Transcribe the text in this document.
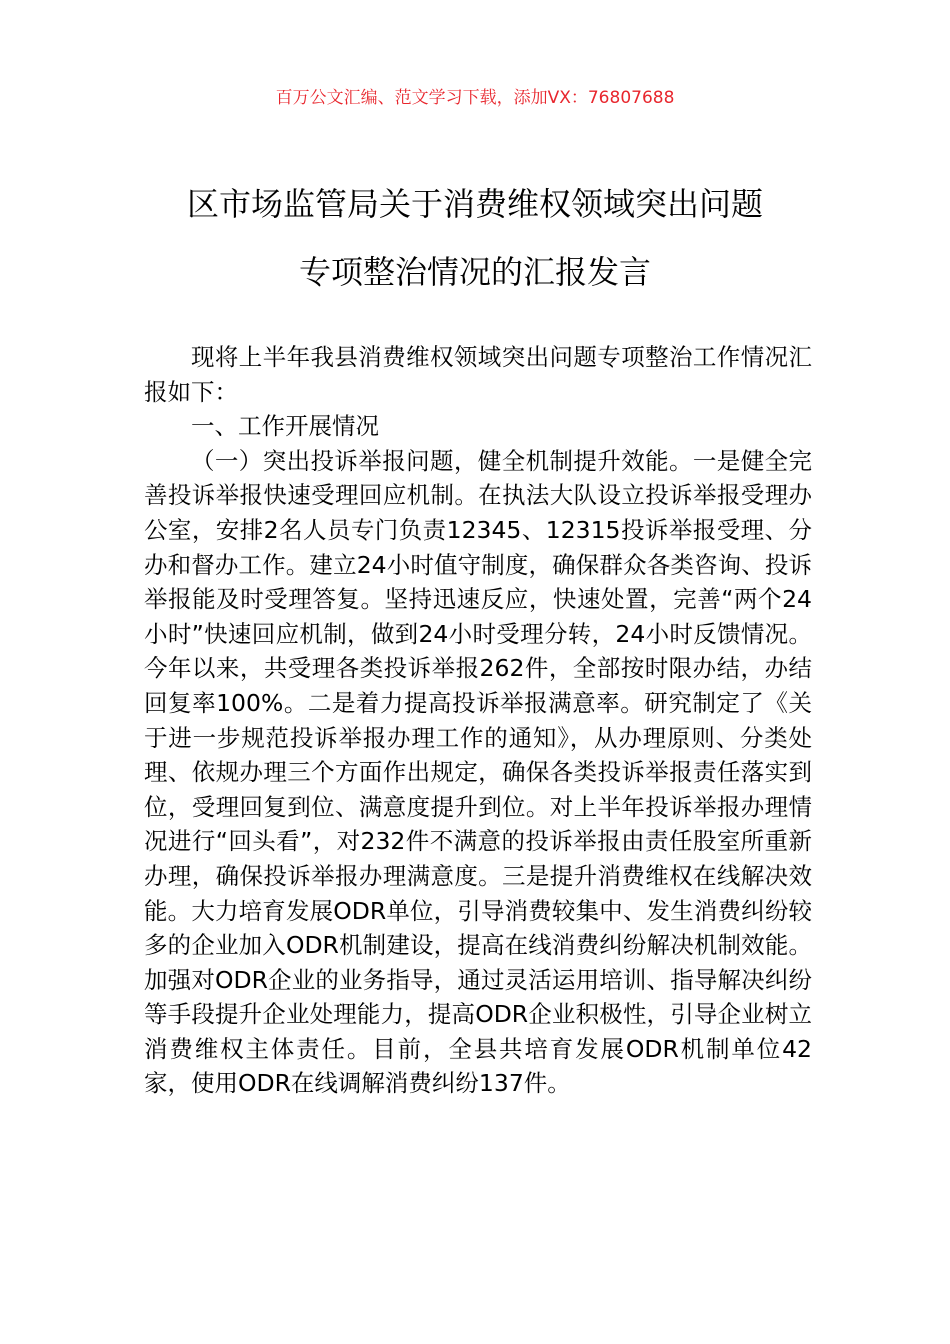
百万公文汇编、范文学习下载，添加VX：76807688
区市场监管局关于消费维权领域突出问题
专项整治情况的汇报发言

现将上半年我县消费维权领域突出问题专项整治工作情况汇报如下：

一、工作开展情况

（一）突出投诉举报问题，健全机制提升效能。一是健全完善投诉举报快速受理回应机制。在执法大队设立投诉举报受理办公室，安排2名人员专门负责12345、12315投诉举报受理、分办和督办工作。建立24小时值守制度，确保群众各类咨询、投诉举报能及时受理答复。坚持迅速反应，快速处置，完善“两个24小时”快速回应机制，做到24小时受理分转，24小时反馈情况。今年以来，共受理各类投诉举报262件，全部按时限办结，办结回复率100%。二是着力提高投诉举报满意率。研究制定了《关于进一步规范投诉举报办理工作的通知》，从办理原则、分类处理、依规办理三个方面作出规定，确保各类投诉举报责任落实到位，受理回复到位、满意度提升到位。对上半年投诉举报办理情况进行“回头看”，对232件不满意的投诉举报由责任股室所重新办理，确保投诉举报办理满意度。三是提升消费维权在线解决效能。大力培育发展ODR单位，引导消费较集中、发生消费纠纷较多的企业加入ODR机制建设，提高在线消费纠纷解决机制效能。加强对ODR企业的业务指导，通过灵活运用培训、指导解决纠纷等手段提升企业处理能力，提高ODR企业积极性，引导企业树立消费维权主体责任。目前，全县共培育发展ODR机制单位42家，使用ODR在线调解消费纠纷137件。
